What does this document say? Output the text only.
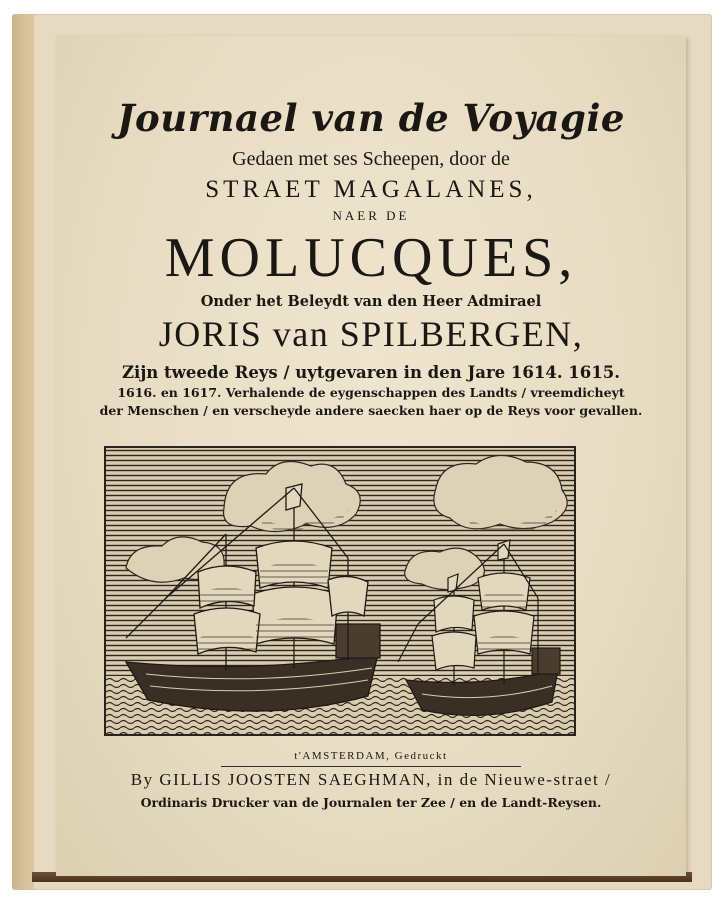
Journael van de Voyagie
Gedaen met ses Scheepen, door de
STRAET MAGALANES,
NAER DE
MOLUCQUES,
Onder het Beleydt van den Heer Admirael
JORIS van SPILBERGEN,
Zijn tweede Reys / uytgevaren in den Jare 1614. 1615.
1616. en 1617. Verhalende de eygenschappen des Landts / vreemdicheyt
der Menschen / en verscheyde andere saecken haer op de Reys voor gevallen.
t'AMSTERDAM, Gedruckt
By GILLIS JOOSTEN SAEGHMAN, in de Nieuwe-straet /
Ordinaris Drucker van de Journalen ter Zee / en de Landt-Reysen.
